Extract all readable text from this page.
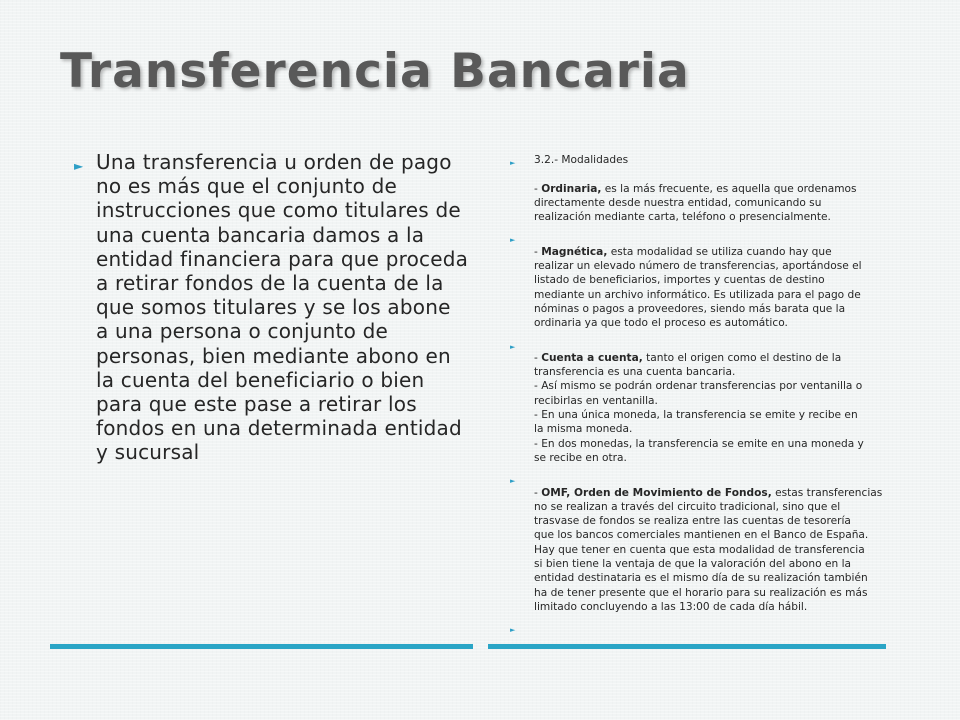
Transferencia Bancaria
► Una transferencia u orden de pago no es más que el conjunto de instrucciones que como titulares de una cuenta bancaria damos a la entidad financiera para que proceda a retirar fondos de la cuenta de la que somos titulares y se los abone a una persona o conjunto de personas, bien mediante abono en la cuenta del beneficiario o bien para que este pase a retirar los fondos en una determinada entidad y sucursal
►	3.2.- Modalidades
- Ordinaria, es la más frecuente, es aquella que ordenamos
directamente desde nuestra entidad, comunicando su
realización mediante carta, teléfono o presencialmente.
►
- Magnética, esta modalidad se utiliza cuando hay que
realizar un elevado número de transferencias, aportándose el
listado de beneficiarios, importes y cuentas de destino
mediante un archivo informático. Es utilizada para el pago de
nóminas o pagos a proveedores, siendo más barata que la
ordinaria ya que todo el proceso es automático.
►
- Cuenta a cuenta, tanto el origen como el destino de la
transferencia es una cuenta bancaria.
- Así mismo se podrán ordenar transferencias por ventanilla o
recibirlas en ventanilla.
- En una única moneda, la transferencia se emite y recibe en
la misma moneda.
- En dos monedas, la transferencia se emite en una moneda y
se recibe en otra.
►
- OMF, Orden de Movimiento de Fondos, estas transferencias
no se realizan a través del circuito tradicional, sino que el
trasvase de fondos se realiza entre las cuentas de tesorería
que los bancos comerciales mantienen en el Banco de España.
Hay que tener en cuenta que esta modalidad de transferencia
si bien tiene la ventaja de que la valoración del abono en la
entidad destinataria es el mismo día de su realización también
ha de tener presente que el horario para su realización es más
limitado concluyendo a las 13:00 de cada día hábil.
►
